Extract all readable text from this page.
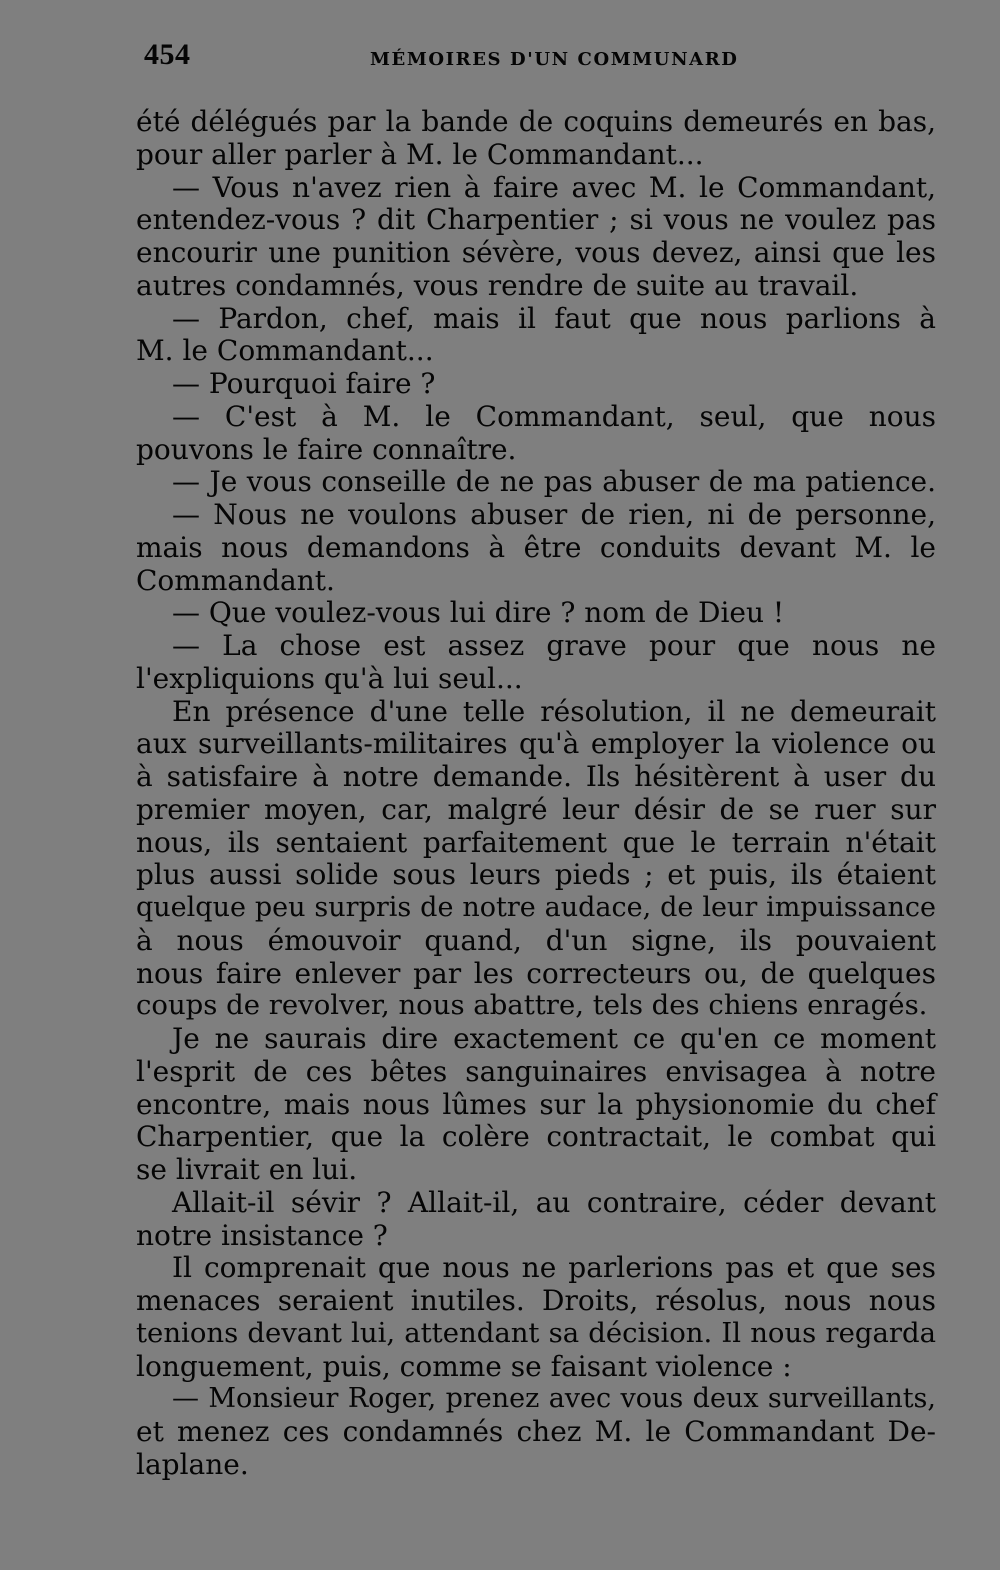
454	MÉMOIRES D'UN COMMUNARD
été délégués par la bande de coquins demeurés en bas,
pour aller parler à M. le Commandant...
— Vous n'avez rien à faire avec M. le Commandant,
entendez-vous ? dit Charpentier ; si vous ne voulez pas
encourir une punition sévère, vous devez, ainsi que les
autres condamnés, vous rendre de suite au travail.
— Pardon, chef, mais il faut que nous parlions à
M. le Commandant...
— Pourquoi faire ?
— C'est à M. le Commandant, seul, que nous
pouvons le faire connaître.
— Je vous conseille de ne pas abuser de ma patience.
— Nous ne voulons abuser de rien, ni de personne,
mais nous demandons à être conduits devant M. le
Commandant.
— Que voulez-vous lui dire ? nom de Dieu !
— La chose est assez grave pour que nous ne
l'expliquions qu'à lui seul...
En présence d'une telle résolution, il ne demeurait
aux surveillants-militaires qu'à employer la violence ou
à satisfaire à notre demande. Ils hésitèrent à user du
premier moyen, car, malgré leur désir de se ruer sur
nous, ils sentaient parfaitement que le terrain n'était
plus aussi solide sous leurs pieds ; et puis, ils étaient
quelque peu surpris de notre audace, de leur impuissance
à nous émouvoir quand, d'un signe, ils pouvaient
nous faire enlever par les correcteurs ou, de quelques
coups de revolver, nous abattre, tels des chiens enragés.
Je ne saurais dire exactement ce qu'en ce moment
l'esprit de ces bêtes sanguinaires envisagea à notre
encontre, mais nous lûmes sur la physionomie du chef
Charpentier, que la colère contractait, le combat qui
se livrait en lui.
Allait-il sévir ? Allait-il, au contraire, céder devant
notre insistance ?
Il comprenait que nous ne parlerions pas et que ses
menaces seraient inutiles. Droits, résolus, nous nous
tenions devant lui, attendant sa décision. Il nous regarda
longuement, puis, comme se faisant violence :
— Monsieur Roger, prenez avec vous deux surveillants,
et menez ces condamnés chez M. le Commandant De-
laplane.
